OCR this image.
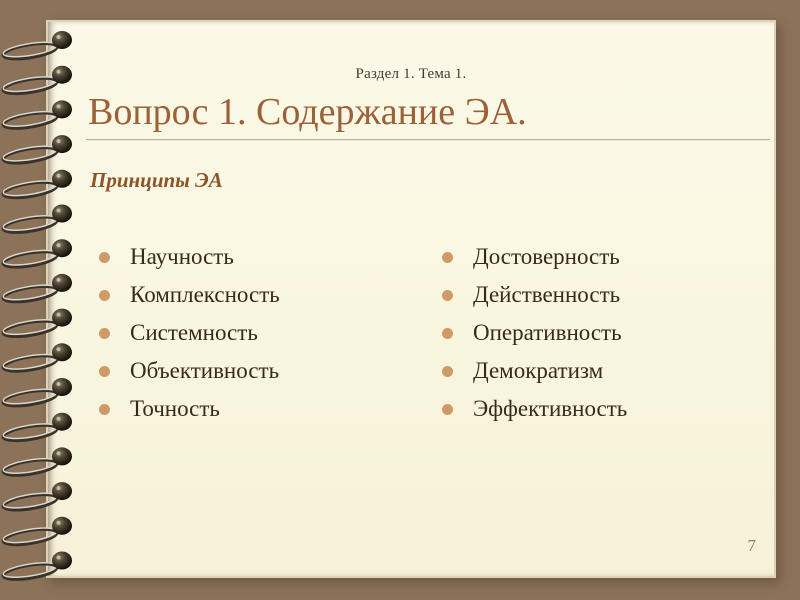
Раздел 1. Тема 1.
Вопрос 1. Содержание ЭА.
Принципы ЭА
Научность
Комплексность
Системность
Объективность
Точность
Достоверность
Действенность
Оперативность
Демократизм
Эффективность
7
